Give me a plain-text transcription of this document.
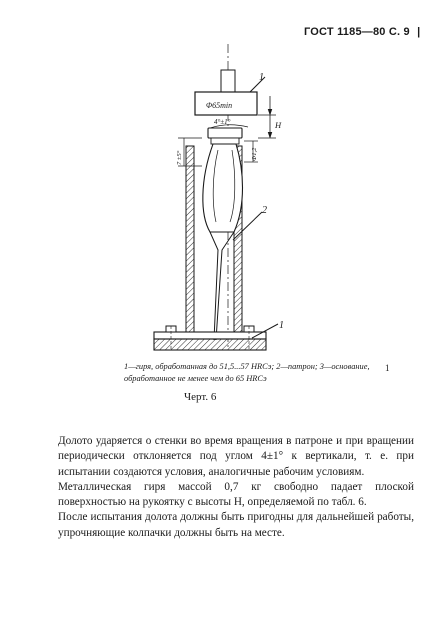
ГОСТ 1185—80 С. 9 |
Φ65min
1
H
4°±1°
Ф1,2
7 ±5°
2
1
1—гиря, обработанная до 51,5...57 HRCэ; 2—патрон; 3—основание, обработанное не менее чем до 65 HRCэ
1
Черт. 6

Долото ударяется о стенки во время вращения в патроне и при вращении периодически отклоняется под углом 4±1° к вертикали, т. е. при испытании создаются условия, аналогичные рабочим условиям.

Металлическая гиря массой 0,7 кг свободно падает плоской поверхностью на рукоятку с высоты H, определяемой по табл. 6.

После испытания долота должны быть пригодны для дальнейшей работы, упрочняющие колпачки должны быть на месте.
